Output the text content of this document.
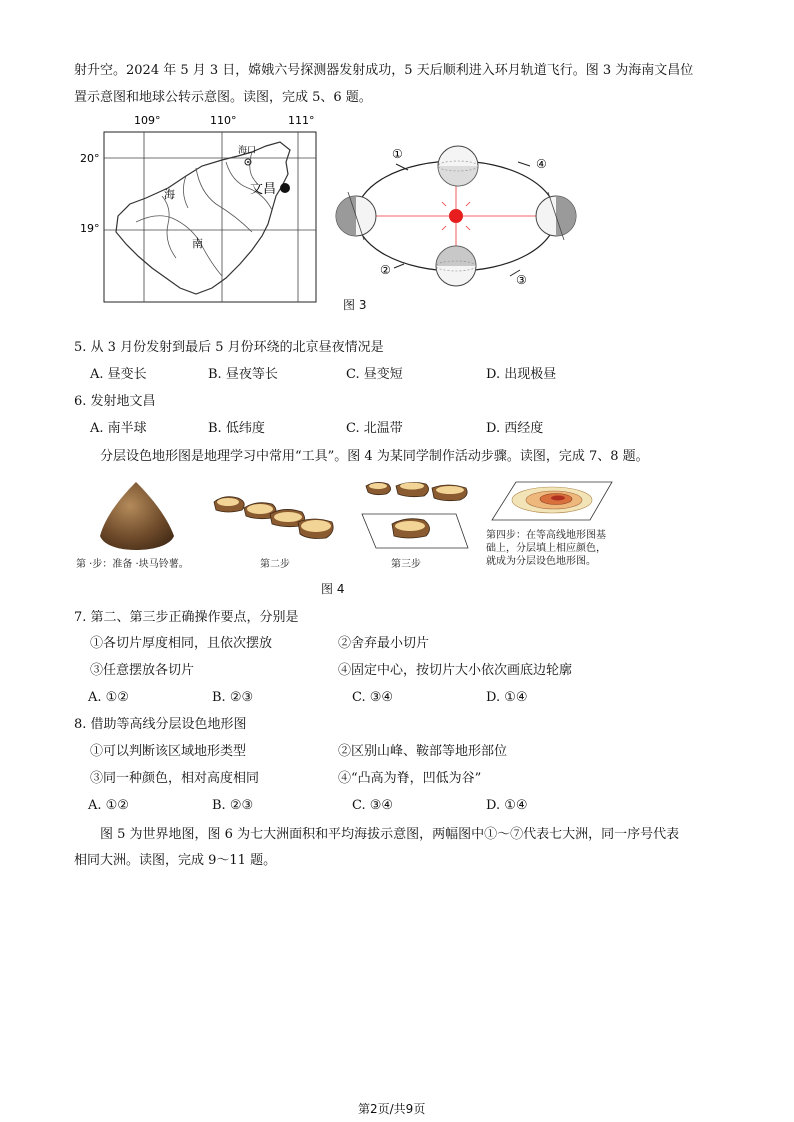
射升空。2024 年 5 月 3 日，嫦娥六号探测器发射成功，5 天后顺利进入环月轨道飞行。图 3 为海南文昌位
置示意图和地球公转示意图。读图，完成 5、6 题。
109°	110°	111°
20°
19°
海口
文昌
海
南
①
②
③
④
图 3
5. 从 3 月份发射到最后 5 月份环绕的北京昼夜情况是
A. 昼变长	B. 昼夜等长	C. 昼变短	D. 出现极昼
6. 发射地文昌
A. 南半球	B. 低纬度	C. 北温带	D. 西经度
分层设色地形图是地理学习中常用“工具”。图 4 为某同学制作活动步骤。读图，完成 7、8 题。
第 ·步：准备 ·块马铃薯。	第二步	第三步
第四步：在等高线地形图基
础上，分层填上相应颜色，
就成为分层设色地形图。
图 4
7. 第二、第三步正确操作要点，分别是
①各切片厚度相同，且依次摆放	②舍弃最小切片
③任意摆放各切片	④固定中心，按切片大小依次画底边轮廓
A. ①②	B. ②③	C. ③④	D. ①④
8. 借助等高线分层设色地形图
①可以判断该区域地形类型	②区别山峰、鞍部等地形部位
③同一种颜色，相对高度相同	④“凸高为脊，凹低为谷”
A. ①②	B. ②③	C. ③④	D. ①④
图 5 为世界地图，图 6 为七大洲面积和平均海拔示意图，两幅图中①～⑦代表七大洲，同一序号代表
相同大洲。读图，完成 9～11 题。
第2页/共9页
